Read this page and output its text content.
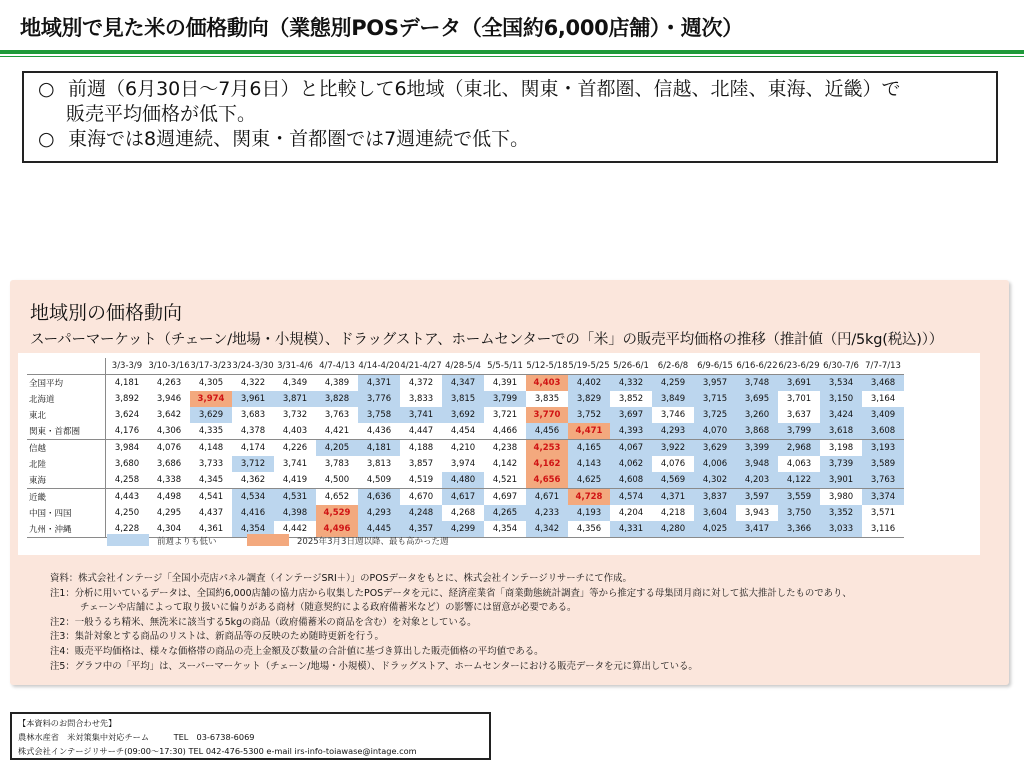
地域別で見た米の価格動向（業態別POSデータ（全国約6,000店舗）・週次）
○ 前週（6月30日～7月6日）と比較して6地域（東北、関東・首都圏、信越、北陸、東海、近畿）で
販売平均価格が低下。
○ 東海では8週連続、関東・首都圏では7週連続で低下。
地域別の価格動向
スーパーマーケット（チェーン/地場・小規模）、ドラッグストア、ホームセンターでの「米」の販売平均価格の推移（推計値（円/5kg(税込)））
	3/3-3/9	3/10-3/16	3/17-3/23	3/24-3/30	3/31-4/6	4/7-4/13	4/14-4/20	4/21-4/27	4/28-5/4	5/5-5/11	5/12-5/18	5/19-5/25	5/26-6/1	6/2-6/8	6/9-6/15	6/16-6/22	6/23-6/29	6/30-7/6	7/7-7/13
全国平均	4,181	4,263	4,305	4,322	4,349	4,389	4,371	4,372	4,347	4,391	4,403	4,402	4,332	4,259	3,957	3,748	3,691	3,534	3,468
北海道	3,892	3,946	3,974	3,961	3,871	3,828	3,776	3,833	3,815	3,799	3,835	3,829	3,852	3,849	3,715	3,695	3,701	3,150	3,164
東北	3,624	3,642	3,629	3,683	3,732	3,763	3,758	3,741	3,692	3,721	3,770	3,752	3,697	3,746	3,725	3,260	3,637	3,424	3,409
関東・首都圏	4,176	4,306	4,335	4,378	4,403	4,421	4,436	4,447	4,454	4,466	4,456	4,471	4,393	4,293	4,070	3,868	3,799	3,618	3,608
信越	3,984	4,076	4,148	4,174	4,226	4,205	4,181	4,188	4,210	4,238	4,253	4,165	4,067	3,922	3,629	3,399	2,968	3,198	3,193
北陸	3,680	3,686	3,733	3,712	3,741	3,783	3,813	3,857	3,974	4,142	4,162	4,143	4,062	4,076	4,006	3,948	4,063	3,739	3,589
東海	4,258	4,338	4,345	4,362	4,419	4,500	4,509	4,519	4,480	4,521	4,656	4,625	4,608	4,569	4,302	4,203	4,122	3,901	3,763
近畿	4,443	4,498	4,541	4,534	4,531	4,652	4,636	4,670	4,617	4,697	4,671	4,728	4,574	4,371	3,837	3,597	3,559	3,980	3,374
中国・四国	4,250	4,295	4,437	4,416	4,398	4,529	4,293	4,248	4,268	4,265	4,233	4,193	4,204	4,218	3,604	3,943	3,750	3,352	3,571
九州・沖縄	4,228	4,304	4,361	4,354	4,442	4,496	4,445	4,357	4,299	4,354	4,342	4,356	4,331	4,280	4,025	3,417	3,366	3,033	3,116
前週よりも低い	2025年3月3日週以降、最も高かった週
資料：株式会社インテージ「全国小売店パネル調査（インテージSRI＋）」のPOSデータをもとに、株式会社インテージリサーチにて作成。
注1：分析に用いているデータは、全国約6,000店舗の協力店から収集したPOSデータを元に、経済産業省「商業動態統計調査」等から推定する母集団月商に対して拡大推計したものであり、
チェーンや店舗によって取り扱いに偏りがある商材（随意契約による政府備蓄米など）の影響には留意が必要である。
注2：一般うるち精米、無洗米に該当する5kgの商品（政府備蓄米の商品を含む）を対象としている。
注3：集計対象とする商品のリストは、新商品等の反映のため随時更新を行う。
注4：販売平均価格は、様々な価格帯の商品の売上金額及び数量の合計値に基づき算出した販売価格の平均値である。
注5：グラフ中の「平均」は、スーパーマーケット（チェーン/地場・小規模）、ドラッグストア、ホームセンターにおける販売データを元に算出している。
【本資料のお問合わせ先】
農林水産省　米対策集中対応チーム　　　TEL　03-6738-6069
株式会社インテージリサーチ(09:00～17:30) TEL 042-476-5300 e-mail irs-info-toiawase@intage.com
